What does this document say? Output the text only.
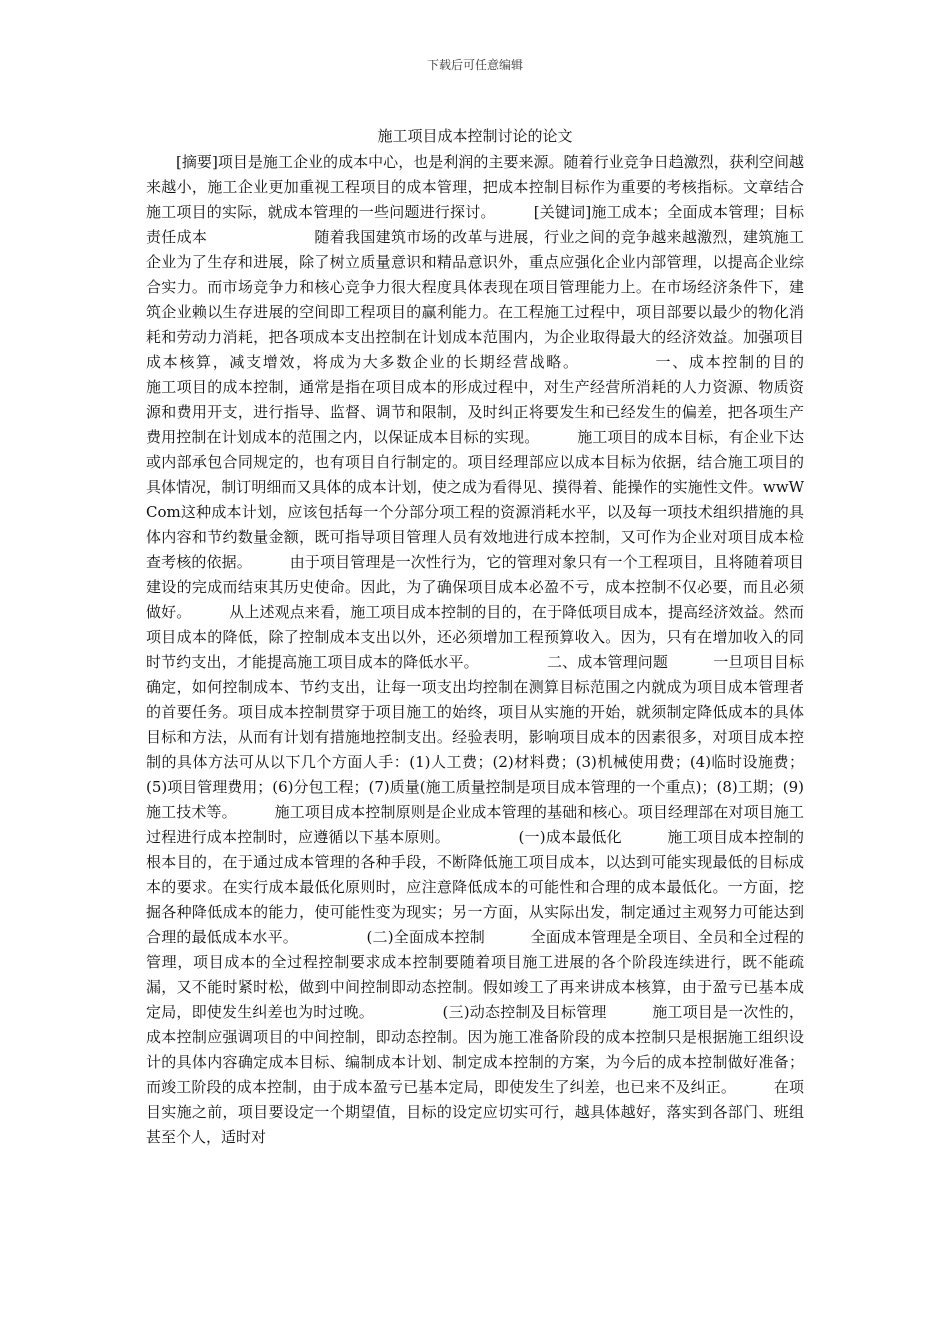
下载后可任意编辑
施工项目成本控制讨论的论文

[摘要]项目是施工企业的成本中心，也是利润的主要来源。随着行业竞争日趋激烈，获利空间越来越小，施工企业更加重视工程项目的成本管理，把成本控制目标作为重要的考核指标。文章结合施工项目的实际，就成本管理的一些问题进行探讨。　　　[关键词]施工成本；全面成本管理；目标责任成本　　　　　　　随着我国建筑市场的改革与进展，行业之间的竞争越来越激烈，建筑施工企业为了生存和进展，除了树立质量意识和精品意识外，重点应强化企业内部管理，以提高企业综合实力。而市场竞争力和核心竞争力很大程度具体表现在项目管理能力上。在市场经济条件下，建筑企业赖以生存进展的空间即工程项目的赢利能力。在工程施工过程中，项目部要以最少的物化消耗和劳动力消耗，把各项成本支出控制在计划成本范围内，为企业取得最大的经济效益。加强项目成本核算，减支增效，将成为大多数企业的长期经营战略。　　　　　一、成本控制的目的　　　　　施工项目的成本控制，通常是指在项目成本的形成过程中，对生产经营所消耗的人力资源、物质资源和费用开支，进行指导、监督、调节和限制，及时纠正将要发生和已经发生的偏差，把各项生产费用控制在计划成本的范围之内，以保证成本目标的实现。　　　施工项目的成本目标，有企业下达或内部承包合同规定的，也有项目自行制定的。项目经理部应以成本目标为依据，结合施工项目的具体情况，制订明细而又具体的成本计划，使之成为看得见、摸得着、能操作的实施性文件。wwWCom这种成本计划，应该包括每一个分部分项工程的资源消耗水平，以及每一项技术组织措施的具体内容和节约数量金额，既可指导项目管理人员有效地进行成本控制，又可作为企业对项目成本检查考核的依据。　　　由于项目管理是一次性行为，它的管理对象只有一个工程项目，且将随着项目建设的完成而结束其历史使命。因此，为了确保项目成本必盈不亏，成本控制不仅必要，而且必须做好。　　　从上述观点来看，施工项目成本控制的目的，在于降低项目成本，提高经济效益。然而项目成本的降低，除了控制成本支出以外，还必须增加工程预算收入。因为，只有在增加收入的同时节约支出，才能提高施工项目成本的降低水平。　　　　　二、成本管理问题　　　一旦项目目标确定，如何控制成本、节约支出，让每一项支出均控制在测算目标范围之内就成为项目成本管理者的首要任务。项目成本控制贯穿于项目施工的始终，项目从实施的开始，就须制定降低成本的具体目标和方法，从而有计划有措施地控制支出。经验表明，影响项目成本的因素很多，对项目成本控制的具体方法可从以下几个方面人手：(1)人工费；(2)材料费；(3)机械使用费；(4)临时设施费；(5)项目管理费用；(6)分包工程；(7)质量(施工质量控制是项目成本管理的一个重点)；(8)工期；(9)施工技术等。　　　施工项目成本控制原则是企业成本管理的基础和核心。项目经理部在对项目施工过程进行成本控制时，应遵循以下基本原则。　　　　　(一)成本最低化　　　施工项目成本控制的根本目的，在于通过成本管理的各种手段，不断降低施工项目成本，以达到可能实现最低的目标成本的要求。在实行成本最低化原则时，应注意降低成本的可能性和合理的成本最低化。一方面，挖掘各种降低成本的能力，使可能性变为现实；另一方面，从实际出发，制定通过主观努力可能达到合理的最低成本水平。　　　　　(二)全面成本控制　　　全面成本管理是全项目、全员和全过程的管理，项目成本的全过程控制要求成本控制要随着项目施工进展的各个阶段连续进行，既不能疏漏，又不能时紧时松，做到中间控制即动态控制。假如竣工了再来讲成本核算，由于盈亏已基本成定局，即使发生纠差也为时过晚。　　　　　(三)动态控制及目标管理　　　施工项目是一次性的，成本控制应强调项目的中间控制，即动态控制。因为施工准备阶段的成本控制只是根据施工组织设计的具体内容确定成本目标、编制成本计划、制定成本控制的方案，为今后的成本控制做好准备；而竣工阶段的成本控制，由于成本盈亏已基本定局，即使发生了纠差，也已来不及纠正。　　　在项目实施之前，项目要设定一个期望值，目标的设定应切实可行，越具体越好，落实到各部门、班组甚至个人，适时对
